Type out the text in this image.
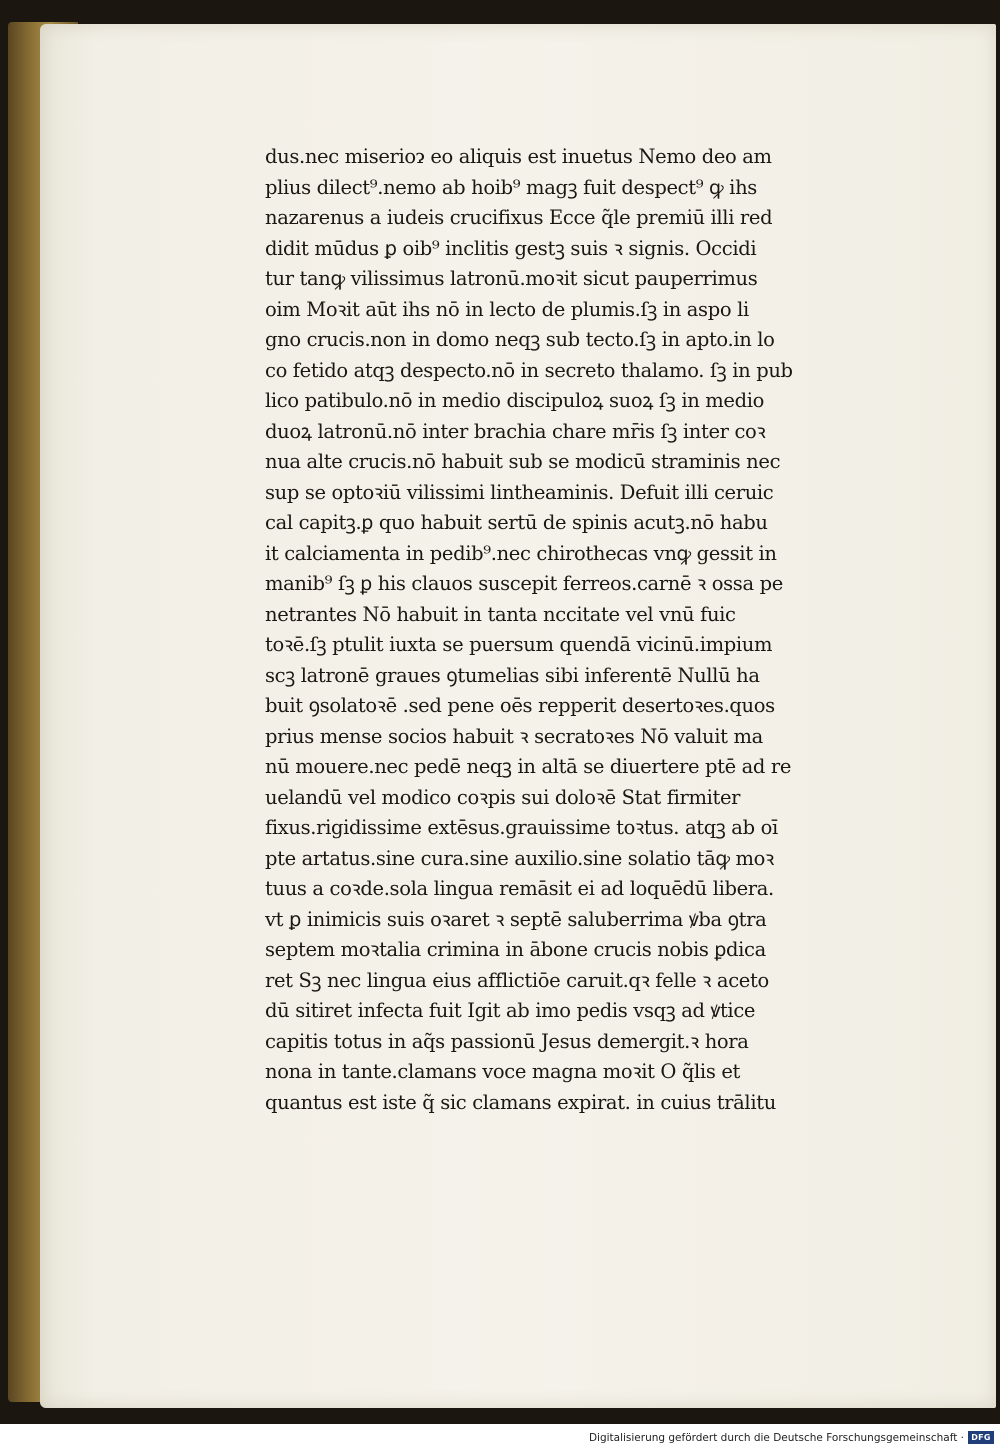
dus.nec miserioɂ eo aliquis est inuetus Nemo deo am
plius dilect⁹.nemo ab hoib⁹ magꝫ fuit despect⁹ ꝙ ihs
nazarenus a iudeis crucifixus Ecce q̃le premiū illi red
didit mūdus ꝑ oib⁹ inclitis gestꝫ suis ꝛ signis. Occidi
tur tanꝙ vilissimus latronū.moꝛit sicut pauperrimus
oim Moꝛit aūt ihs nō in lecto de plumis.ſꝫ in aspo li
gno crucis.non in domo neqꝫ sub tecto.ſꝫ in apto.in lo
co fetido atqꝫ despecto.nō in secreto thalamo. ſꝫ in pub
lico patibulo.nō in medio discipuloꝝ suoꝝ ſꝫ in medio
duoꝝ latronū.nō inter brachia chare mr̄is ſꝫ inter coꝛ
nua alte crucis.nō habuit sub se modicū straminis nec
sup se optoꝛiū vilissimi lintheaminis. Defuit illi ceruic
cal capitꝫ.ꝑ quo habuit sertū de spinis acutꝫ.nō habu
it calciamenta in pedib⁹.nec chirothecas vnꝙ gessit in
manib⁹ ſꝫ ꝑ his clauos suscepit ferreos.carnē ꝛ ossa pe
netrantes Nō habuit in tanta nccitate vel vnū fuic
toꝛē.ſꝫ ptulit iuxta se puersum quendā vicinū.impium
scꝫ latronē graues ꝯtumelias sibi inferentē Nullū ha
buit ꝯsolatoꝛē .sed pene oēs repperit desertoꝛes.quos
prius mense socios habuit ꝛ secratoꝛes Nō valuit ma
nū mouere.nec pedē neqꝫ in altā se diuertere ptē ad re
uelandū vel modico coꝛpis sui doloꝛē Stat firmiter
fixus.rigidissime extēsus.grauissime toꝛtus. atqꝫ ab oī
pte artatus.sine cura.sine auxilio.sine solatio tāꝙ moꝛ
tuus a coꝛde.sola lingua remāsit ei ad loquēdū libera.
vt ꝑ inimicis suis oꝛaret ꝛ septē saluberrima ꝟba ꝯtra
septem moꝛtalia crimina in ābone crucis nobis ꝑdica
ret Sꝫ nec lingua eius afflictiōe caruit.qꝛ felle ꝛ aceto
dū sitiret infecta fuit Igit ab imo pedis vsqꝫ ad ꝟtice
capitis totus in aq̃s passionū Jesus demergit.ꝛ hora
nona in tante.clamans voce magna moꝛit O q̃lis et
quantus est iste q̃ sic clamans expirat. in cuius trālitu
Digitalisierung gefördert durch die Deutsche Forschungsgemeinschaft · DFG
